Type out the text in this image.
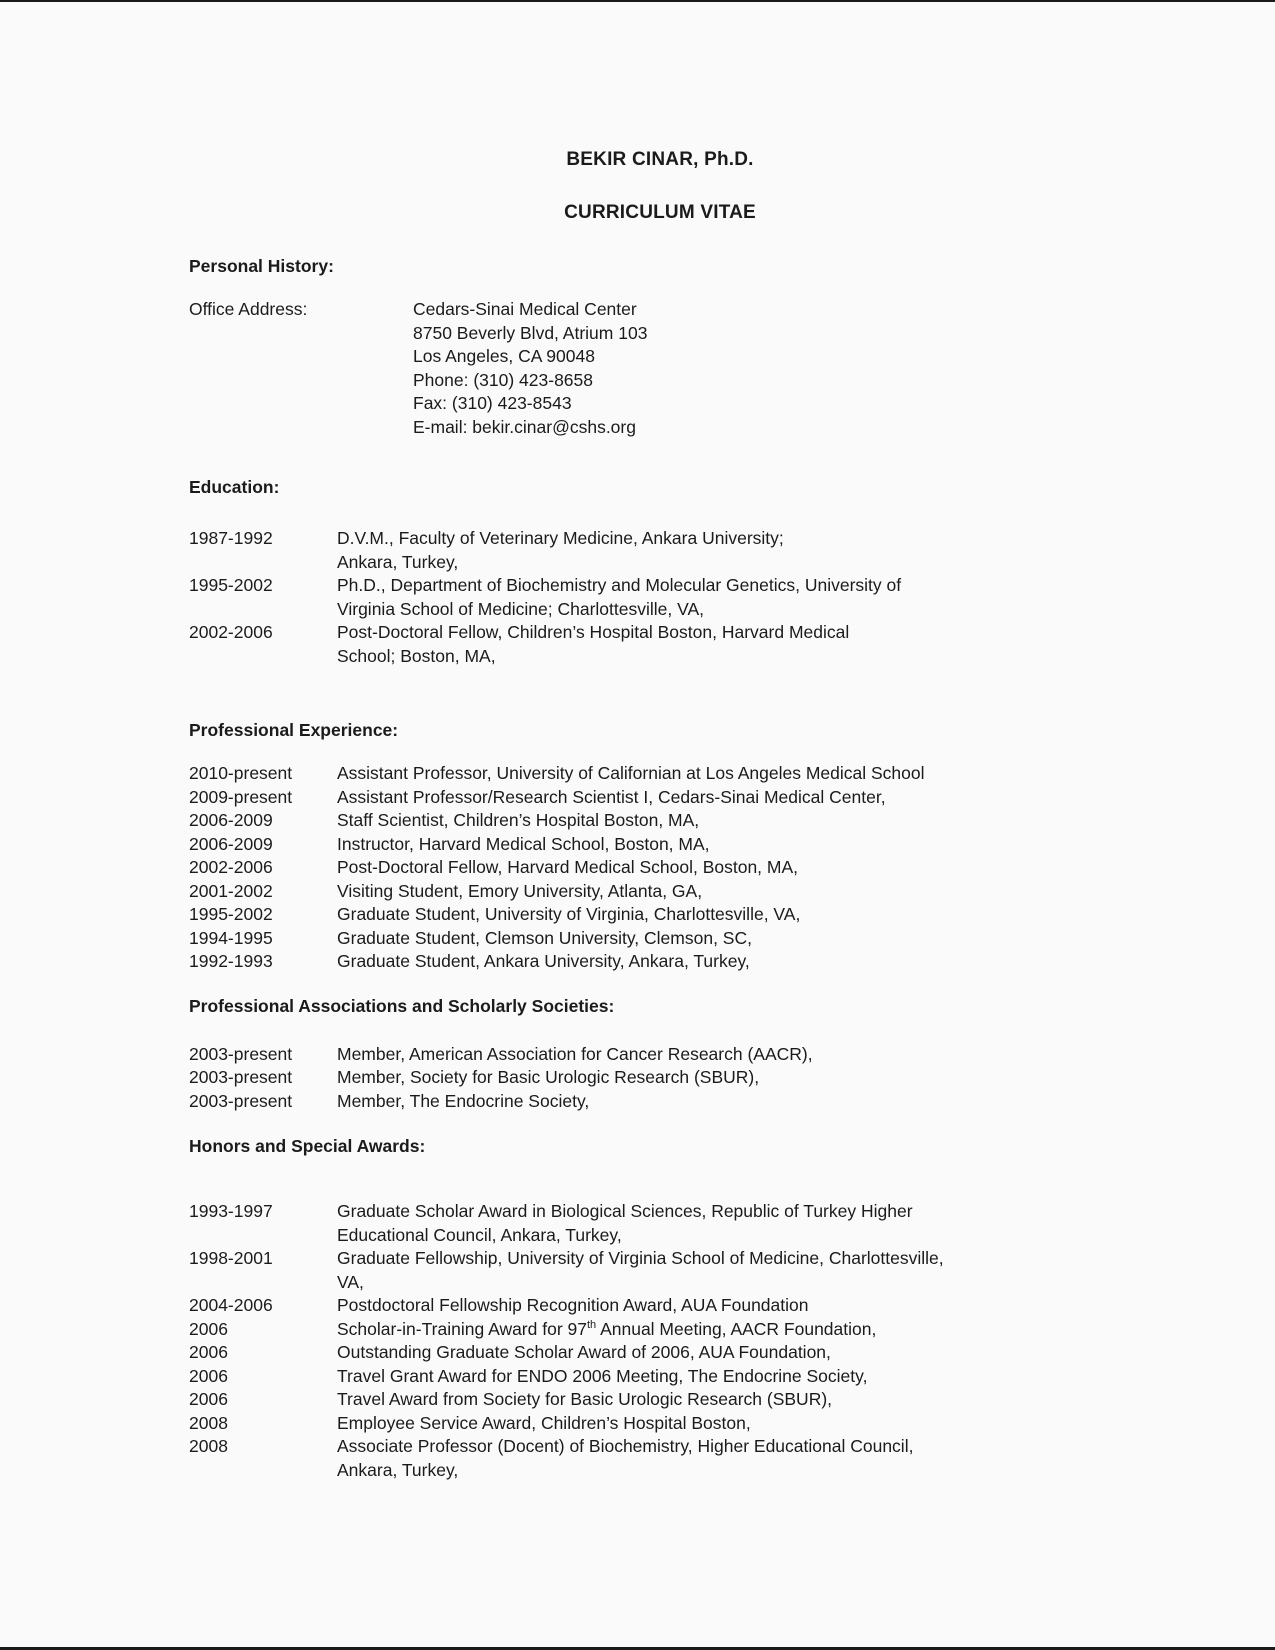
BEKIR CINAR, Ph.D.
CURRICULUM VITAE
Personal History:
Office Address:	Cedars-Sinai Medical Center
8750 Beverly Blvd, Atrium 103
Los Angeles, CA 90048
Phone: (310) 423-8658
Fax: (310) 423-8543
E-mail: bekir.cinar@cshs.org
Education:
1987-1992	D.V.M., Faculty of Veterinary Medicine, Ankara University;
Ankara, Turkey,
1995-2002	Ph.D., Department of Biochemistry and Molecular Genetics, University of
Virginia School of Medicine; Charlottesville, VA,
2002-2006	Post-Doctoral Fellow, Children’s Hospital Boston, Harvard Medical
School; Boston, MA,
Professional Experience:
2010-present	Assistant Professor, University of Californian at Los Angeles Medical School
2009-present	Assistant Professor/Research Scientist I, Cedars-Sinai Medical Center,
2006-2009	Staff Scientist, Children’s Hospital Boston, MA,
2006-2009	Instructor, Harvard Medical School, Boston, MA,
2002-2006	Post-Doctoral Fellow, Harvard Medical School, Boston, MA,
2001-2002	Visiting Student, Emory University, Atlanta, GA,
1995-2002	Graduate Student, University of Virginia, Charlottesville, VA,
1994-1995	Graduate Student, Clemson University, Clemson, SC,
1992-1993	Graduate Student, Ankara University, Ankara, Turkey,
Professional Associations and Scholarly Societies:
2003-present	Member, American Association for Cancer Research (AACR),
2003-present	Member, Society for Basic Urologic Research (SBUR),
2003-present	Member, The Endocrine Society,
Honors and Special Awards:
1993-1997	Graduate Scholar Award in Biological Sciences, Republic of Turkey Higher
Educational Council, Ankara, Turkey,
1998-2001	Graduate Fellowship, University of Virginia School of Medicine, Charlottesville,
VA,
2004-2006	Postdoctoral Fellowship Recognition Award, AUA Foundation
2006	Scholar-in-Training Award for 97th Annual Meeting, AACR Foundation,
2006	Outstanding Graduate Scholar Award of 2006, AUA Foundation,
2006	Travel Grant Award for ENDO 2006 Meeting, The Endocrine Society,
2006	Travel Award from Society for Basic Urologic Research (SBUR),
2008	Employee Service Award, Children’s Hospital Boston,
2008	Associate Professor (Docent) of Biochemistry, Higher Educational Council,
Ankara, Turkey,
